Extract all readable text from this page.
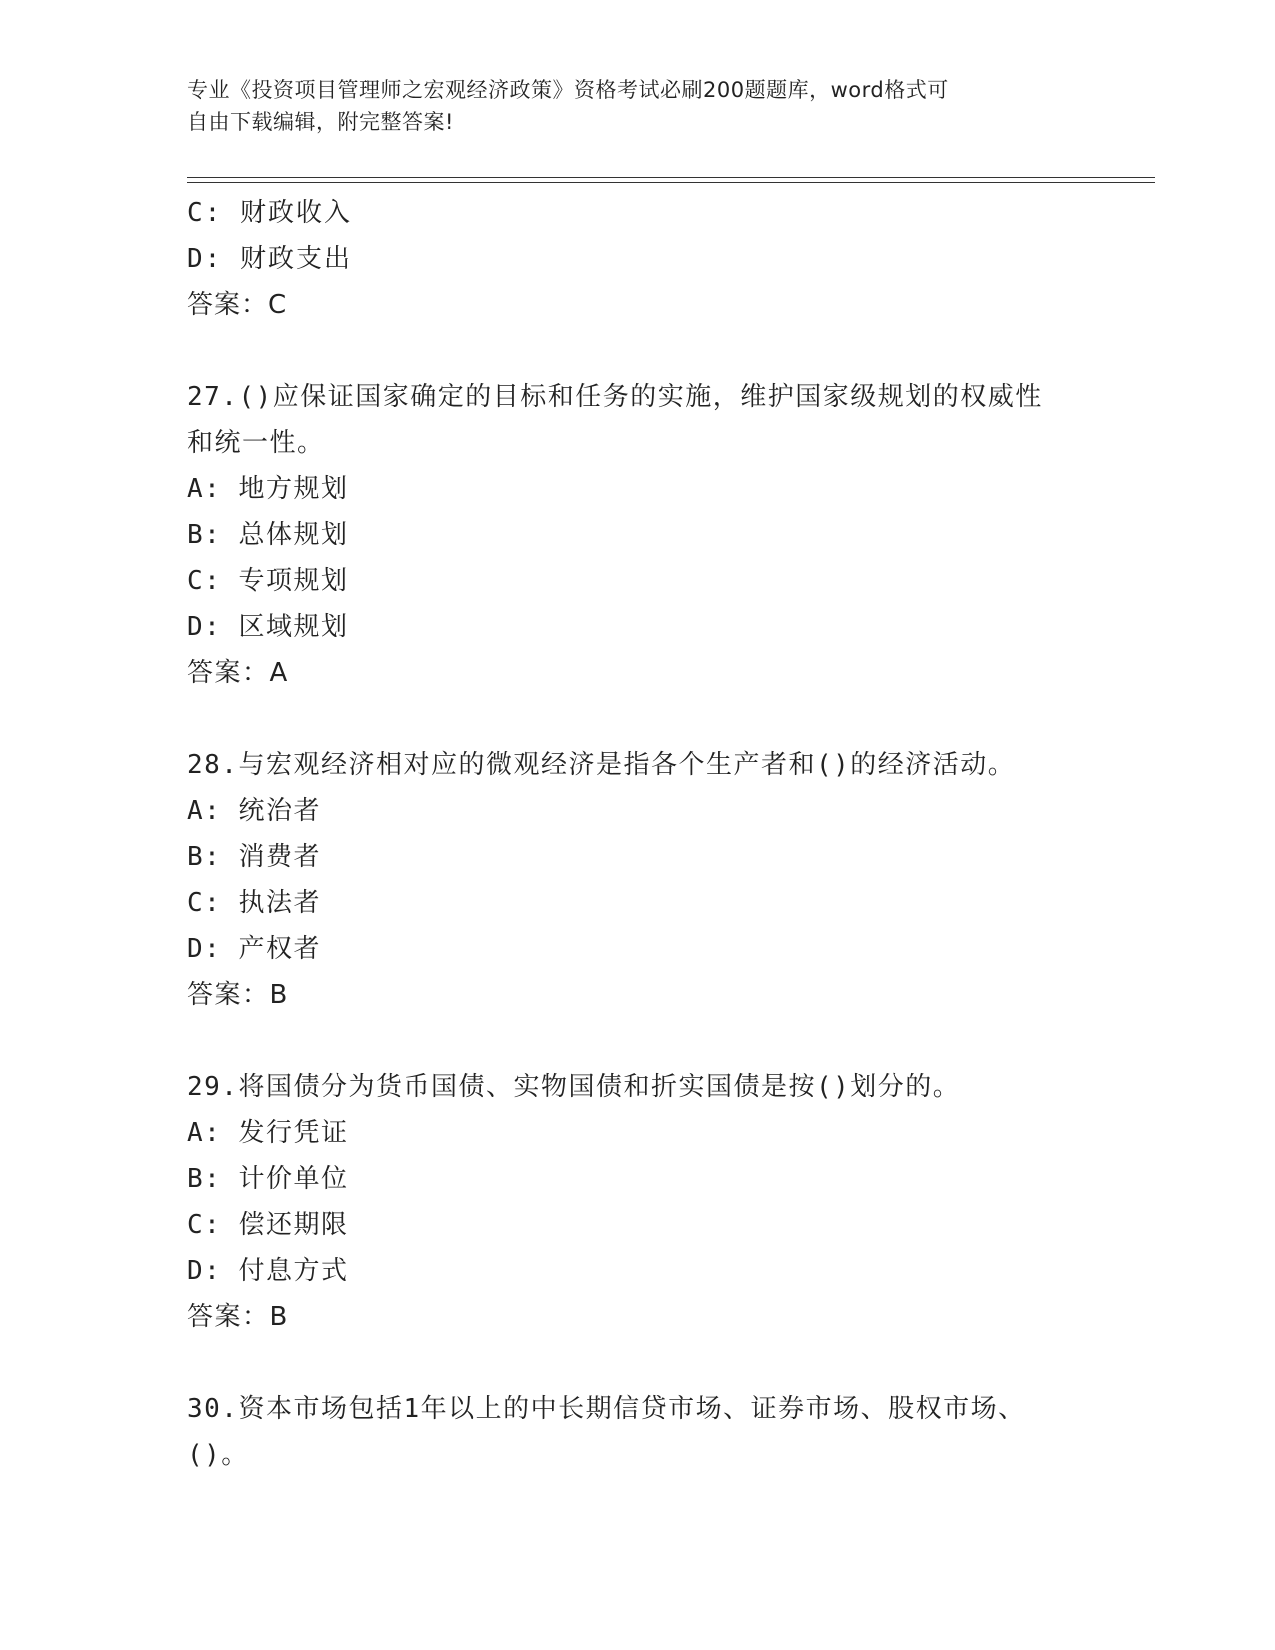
专业《投资项目管理师之宏观经济政策》资格考试必刷200题题库，word格式可
自由下载编辑，附完整答案!
C: 财政收入
D: 财政支出
答案：C
27.()应保证国家确定的目标和任务的实施，维护国家级规划的权威性
和统一性。
A: 地方规划
B: 总体规划
C: 专项规划
D: 区域规划
答案：A
28.与宏观经济相对应的微观经济是指各个生产者和()的经济活动。
A: 统治者
B: 消费者
C: 执法者
D: 产权者
答案：B
29.将国债分为货币国债、实物国债和折实国债是按()划分的。
A: 发行凭证
B: 计价单位
C: 偿还期限
D: 付息方式
答案：B
30.资本市场包括1年以上的中长期信贷市场、证券市场、股权市场、
()。
